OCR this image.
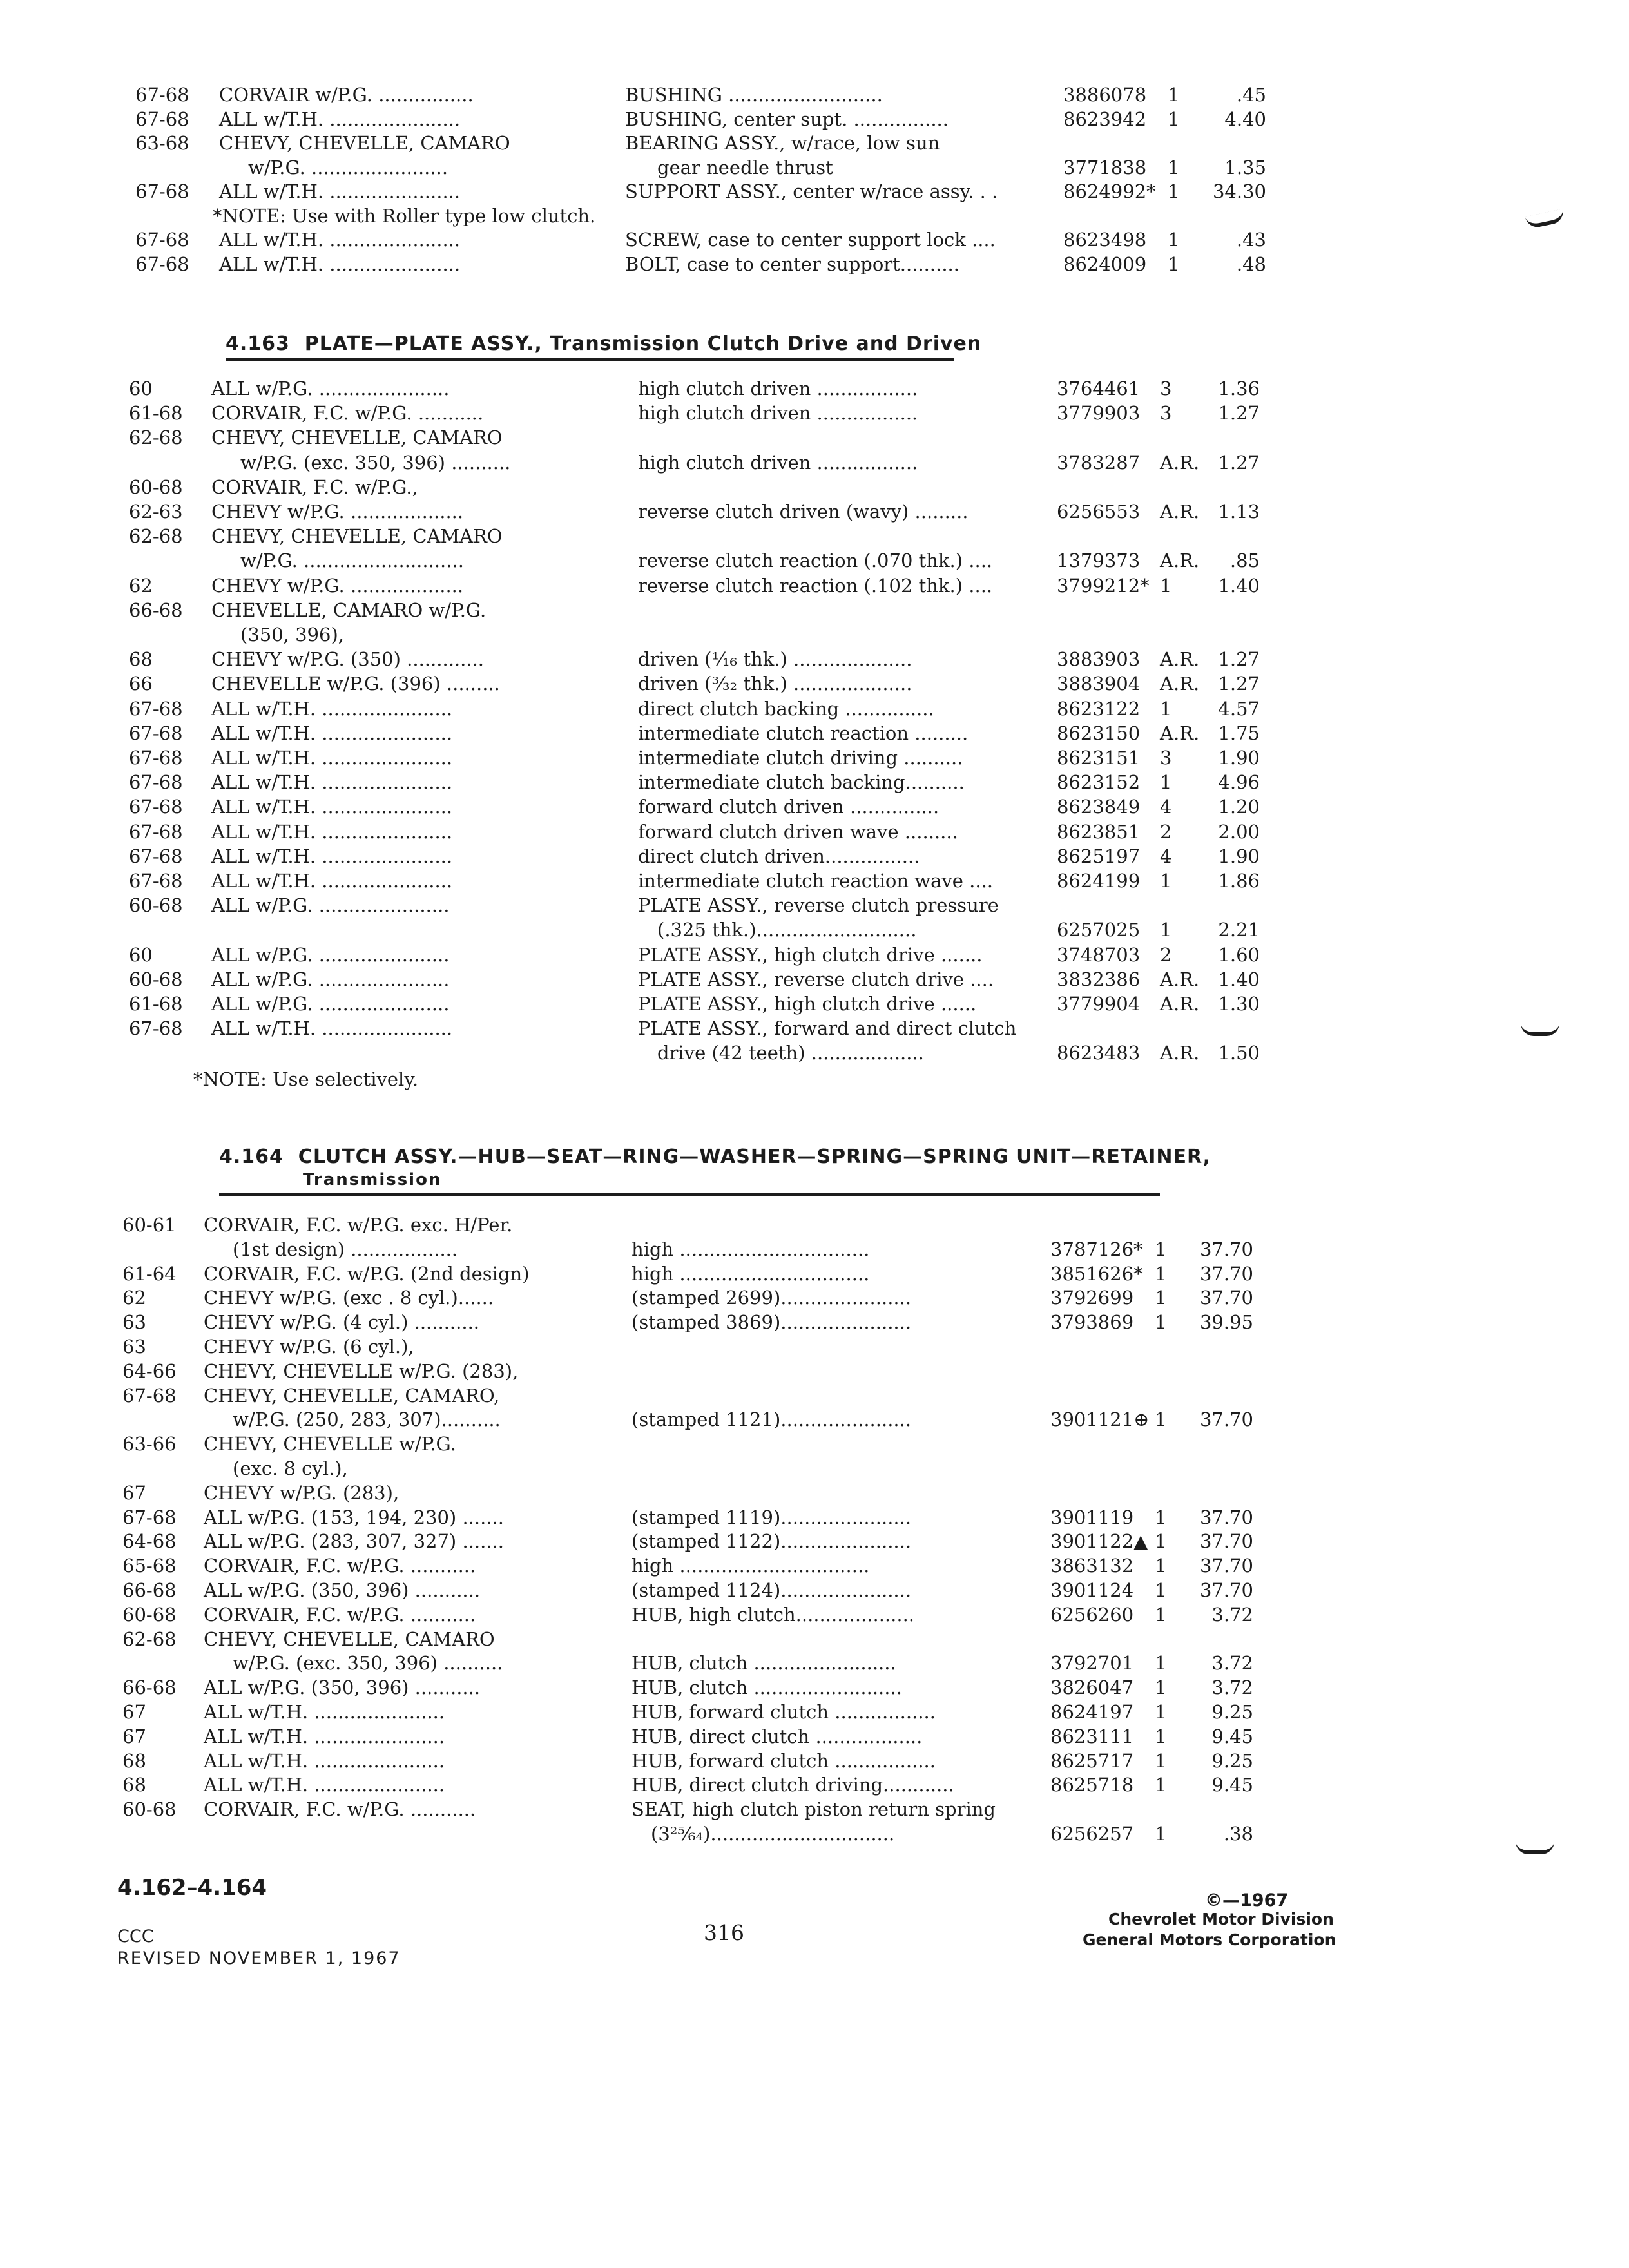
67-68 CORVAIR w/P.G. ................	BUSHING ..........................	3886078 1	.45
67-68 ALL w/T.H. ......................	BUSHING, center supt. ................	8623942 1 4.40
63-68 CHEVY, CHEVELLE, CAMARO	BEARING ASSY., w/race, low sun
w/P.G. .......................	gear needle thrust	3771838 1 1.35
67-68 ALL w/T.H. ......................	SUPPORT ASSY., center w/race assy. . .	8624992* 1 34.30
*NOTE: Use with Roller type low clutch.
67-68 ALL w/T.H. ......................	SCREW, case to center support lock ....	8623498 1	.43
67-68 ALL w/T.H. ......................	BOLT, case to center support..........	8624009 1	.48
4.163 PLATE—PLATE ASSY., Transmission Clutch Drive and Driven
60	ALL w/P.G. ......................	high clutch driven .................	3764461 3 1.36
61-68 CORVAIR, F.C. w/P.G. ...........	high clutch driven .................	3779903 3 1.27
62-68 CHEVY, CHEVELLE, CAMARO
w/P.G. (exc. 350, 396) ..........	high clutch driven .................	3783287 A.R. 1.27
60-68 CORVAIR, F.C. w/P.G.,
62-63 CHEVY w/P.G. ...................	reverse clutch driven (wavy) .........	6256553 A.R. 1.13
62-68 CHEVY, CHEVELLE, CAMARO
w/P.G. ...........................	reverse clutch reaction (.070 thk.) ....	1379373 A.R. .85
62	CHEVY w/P.G. ...................	reverse clutch reaction (.102 thk.) ....	3799212* 1 1.40
66-68 CHEVELLE, CAMARO w/P.G.
(350, 396),
68	CHEVY w/P.G. (350) .............	driven (¹⁄₁₆ thk.) ....................	3883903 A.R. 1.27
66	CHEVELLE w/P.G. (396) .........	driven (³⁄₃₂ thk.) ....................	3883904 A.R. 1.27
67-68 ALL w/T.H. ......................	direct clutch backing ...............	8623122 1 4.57
67-68 ALL w/T.H. ......................	intermediate clutch reaction .........	8623150 A.R. 1.75
67-68 ALL w/T.H. ......................	intermediate clutch driving ..........	8623151 3 1.90
67-68 ALL w/T.H. ......................	intermediate clutch backing..........	8623152 1 4.96
67-68 ALL w/T.H. ......................	forward clutch driven ...............	8623849 4 1.20
67-68 ALL w/T.H. ......................	forward clutch driven wave .........	8623851 2 2.00
67-68 ALL w/T.H. ......................	direct clutch driven................	8625197 4 1.90
67-68 ALL w/T.H. ......................	intermediate clutch reaction wave ....	8624199 1 1.86
60-68 ALL w/P.G. ......................	PLATE ASSY., reverse clutch pressure
(.325 thk.)...........................	6257025 1 2.21
60	ALL w/P.G. ......................	PLATE ASSY., high clutch drive .......	3748703 2 1.60
60-68 ALL w/P.G. ......................	PLATE ASSY., reverse clutch drive ....	3832386 A.R. 1.40
61-68 ALL w/P.G. ......................	PLATE ASSY., high clutch drive ......	3779904 A.R. 1.30
67-68 ALL w/T.H. ......................	PLATE ASSY., forward and direct clutch
drive (42 teeth) ...................	8623483 A.R. 1.50
*NOTE: Use selectively.
4.164 CLUTCH ASSY.—HUB—SEAT—RING—WASHER—SPRING—SPRING UNIT—RETAINER,
Transmission
60-61 CORVAIR, F.C. w/P.G. exc. H/Per.
(1st design) ..................	high ................................	3787126* 1 37.70
61-64 CORVAIR, F.C. w/P.G. (2nd design)	high ................................	3851626* 1 37.70
62	CHEVY w/P.G. (exc . 8 cyl.)......	(stamped 2699)......................	3792699 1 37.70
63	CHEVY w/P.G. (4 cyl.) ...........	(stamped 3869)......................	3793869 1 39.95
63	CHEVY w/P.G. (6 cyl.),
64-66 CHEVY, CHEVELLE w/P.G. (283),
67-68 CHEVY, CHEVELLE, CAMARO,
w/P.G. (250, 283, 307)..........	(stamped 1121)......................	3901121⊕ 1 37.70
63-66 CHEVY, CHEVELLE w/P.G.
(exc. 8 cyl.),
67	CHEVY w/P.G. (283),
67-68 ALL w/P.G. (153, 194, 230) .......	(stamped 1119)......................	3901119 1 37.70
64-68 ALL w/P.G. (283, 307, 327) .......	(stamped 1122)......................	3901122▲ 1 37.70
65-68 CORVAIR, F.C. w/P.G. ...........	high ................................	3863132 1 37.70
66-68 ALL w/P.G. (350, 396) ...........	(stamped 1124)......................	3901124 1 37.70
60-68 CORVAIR, F.C. w/P.G. ...........	HUB, high clutch....................	6256260 1 3.72
62-68 CHEVY, CHEVELLE, CAMARO
w/P.G. (exc. 350, 396) ..........	HUB, clutch ........................	3792701 1 3.72
66-68 ALL w/P.G. (350, 396) ...........	HUB, clutch .........................	3826047 1 3.72
67	ALL w/T.H. ......................	HUB, forward clutch .................	8624197 1 9.25
67	ALL w/T.H. ......................	HUB, direct clutch ..................	8623111 1 9.45
68	ALL w/T.H. ......................	HUB, forward clutch .................	8625717 1 9.25
68	ALL w/T.H. ......................	HUB, direct clutch driving............	8625718 1 9.45
60-68 CORVAIR, F.C. w/P.G. ...........	SEAT, high clutch piston return spring
(3²⁵⁄₆₄)...............................	6256257 1	.38
4.162–4.164
CCC
REVISED NOVEMBER 1, 1967
316
©—1967
Chevrolet Motor Division
General Motors Corporation
